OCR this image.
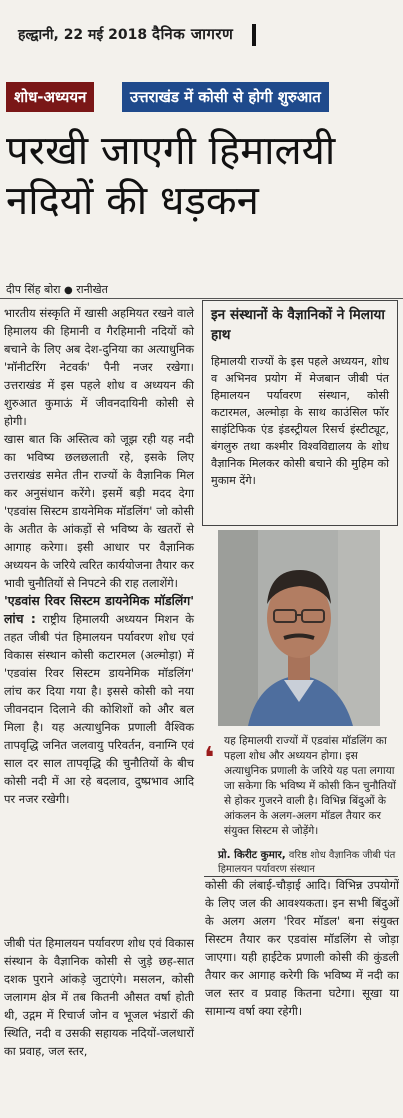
हल्द्वानी, 22 मई 2018 दैनिक जागरण
शोध-अध्ययन	उत्तराखंड में कोसी से होगी शुरुआत
परखी जाएगी हिमालयी
नदियों की धड़कन
दीप सिंह बोरा ● रानीखेत

भारतीय संस्कृति में खासी अहमियत रखने वाले हिमालय की हिमानी व गैरहिमानी नदियों को बचाने के लिए अब देश-दुनिया का अत्याधुनिक 'मॉनीटरिंग नेटवर्क' पैनी नजर रखेगा। उत्तराखंड में इस पहले शोध व अध्ययन की शुरुआत कुमाऊं में जीवनदायिनी कोसी से होगी।

खास बात कि अस्तित्व को जूझ रही यह नदी का भविष्य छलछलाती रहे, इसके लिए उत्तराखंड समेत तीन राज्यों के वैज्ञानिक मिल कर अनुसंधान करेंगे। इसमें बड़ी मदद देगा 'एडवांस सिस्टम डायनेमिक मॉडलिंग' जो कोसी के अतीत के आंकड़ों से भविष्य के खतरों से आगाह करेगा। इसी आधार पर वैज्ञानिक अध्ययन के जरिये त्वरित कार्ययोजना तैयार कर भावी चुनौतियों से निपटने की राह तलाशेंगे।

'एडवांस रिवर सिस्टम डायनेमिक मॉडलिंग' लांच : राष्ट्रीय हिमालयी अध्ययन मिशन के तहत जीबी पंत हिमालयन पर्यावरण शोध एवं विकास संस्थान कोसी कटारमल (अल्मोड़ा) में 'एडवांस रिवर सिस्टम डायनेमिक मॉडलिंग' लांच कर दिया गया है। इससे कोसी को नया जीवनदान दिलाने की कोशिशों को और बल मिला है। यह अत्याधुनिक प्रणाली वैश्विक तापवृद्धि जनित जलवायु परिवर्तन, वनाग्नि एवं साल दर साल तापवृद्धि की चुनौतियों के बीच कोसी नदी में आ रहे बदलाव, दुष्प्रभाव आदि पर नजर रखेगी।

जीबी पंत हिमालयन पर्यावरण शोध एवं विकास संस्थान के वैज्ञानिक कोसी से जुड़े छह-सात दशक पुराने आंकड़े जुटाएंगे। मसलन, कोसी जलागम क्षेत्र में तब कितनी औसत वर्षा होती थी, उद्गम में रिचार्ज जोन व भूजल भंडारों की स्थिति, नदी व उसकी सहायक नदियों-जलधारों का प्रवाह, जल स्तर,

इन संस्थानों के वैज्ञानिकों ने मिलाया हाथ

हिमालयी राज्यों के इस पहले अध्ययन, शोध व अभिनव प्रयोग में मेजबान जीबी पंत हिमालयन पर्यावरण संस्थान, कोसी कटारमल, अल्मोड़ा के साथ काउंसिल फॉर साइंटिफिक एंड इंडस्ट्रीयल रिसर्च इंस्टीट्यूट, बंगलुरु तथा कश्मीर विश्वविद्यालय के शोध वैज्ञानिक मिलकर कोसी बचाने की मुहिम को मुकाम देंगे।

❛ यह हिमालयी राज्यों में एडवांस मॉडलिंग का पहला शोध और अध्ययन होगा। इस अत्याधुनिक प्रणाली के जरिये यह पता लगाया जा सकेगा कि भविष्य में कोसी किन चुनौतियों से होकर गुजरने वाली है। विभिन्न बिंदुओं के आंकलन के अलग-अलग मॉडल तैयार कर संयुक्त सिस्टम से जोड़ेंगे।
प्रो. किरीट कुमार, वरिष्ठ शोध वैज्ञानिक जीबी पंत हिमालयन पर्यावरण संस्थान

कोसी की लंबाई-चौड़ाई आदि। विभिन्न उपयोगों के लिए जल की आवश्यकता। इन सभी बिंदुओं के अलग अलग 'रिवर मॉडल' बना संयुक्त सिस्टम तैयार कर एडवांस मॉडलिंग से जोड़ा जाएगा। यही हाईटेक प्रणाली कोसी की कुंडली तैयार कर आगाह करेगी कि भविष्य में नदी का जल स्तर व प्रवाह कितना घटेगा। सूखा या सामान्य वर्षा क्या रहेगी।
